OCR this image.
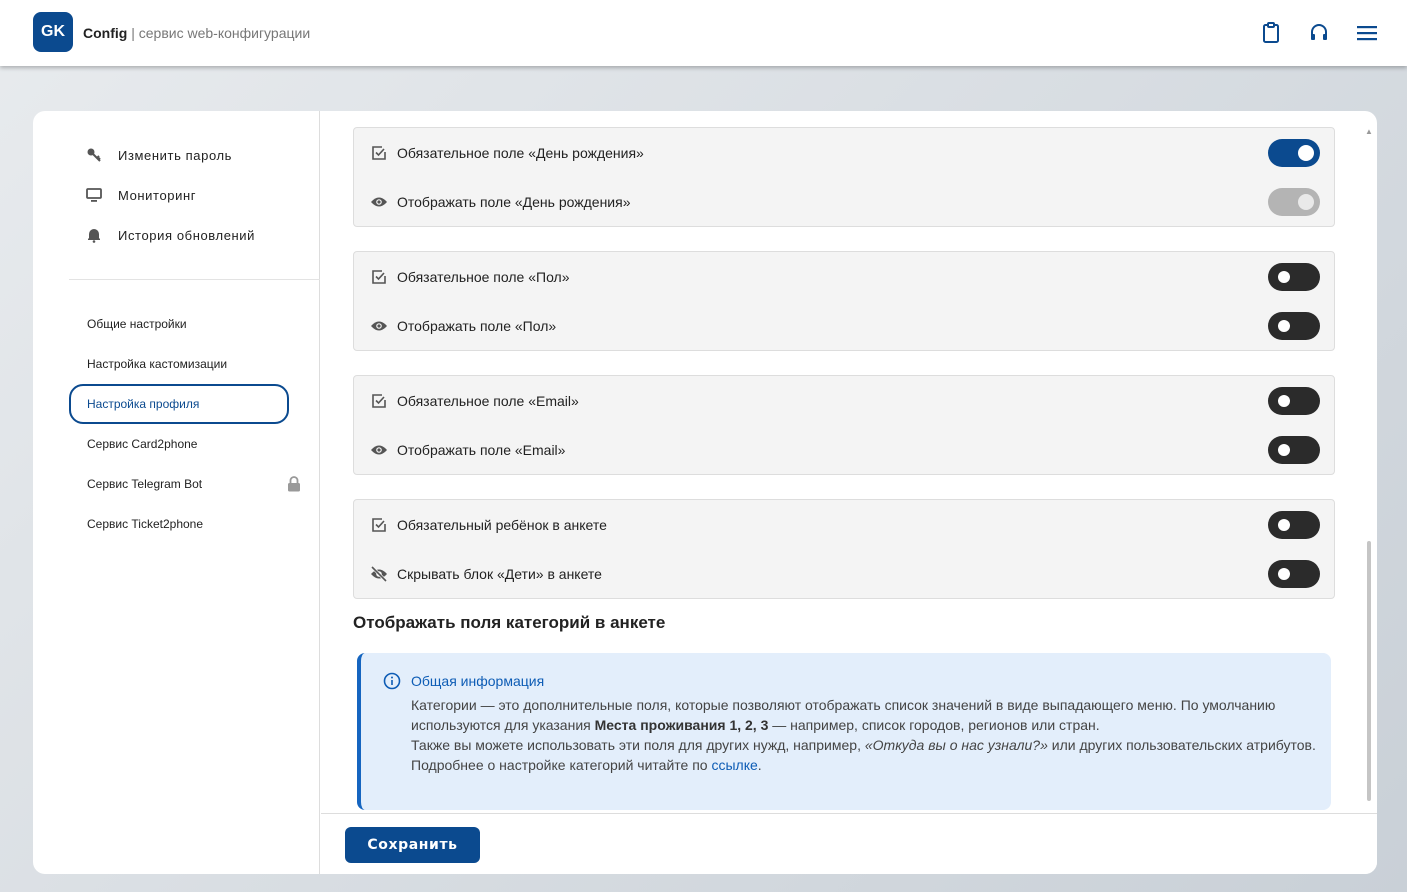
GK	Config | сервис web-конфигурации
Изменить пароль
Мониторинг
История обновлений
Общие настройки
Настройка кастомизации
Настройка профиля
Сервис Card2phone
Сервис Telegram Bot
Сервис Ticket2phone
Обязательное поле «День рождения»
Отображать поле «День рождения»
Обязательное поле «Пол»
Отображать поле «Пол»
Обязательное поле «Email»
Отображать поле «Email»
Обязательный ребёнок в анкете
Скрывать блок «Дети» в анкете
Отображать поля категорий в анкете
Общая информация
Категории — это дополнительные поля, которые позволяют отображать список значений в виде выпадающего меню. По умолчанию используются для указания Места проживания 1, 2, 3 — например, список городов, регионов или стран.
Также вы можете использовать эти поля для других нужд, например, «Откуда вы о нас узнали?» или других пользовательских атрибутов.
Подробнее о настройке категорий читайте по ссылке.
▲
Сохранить
